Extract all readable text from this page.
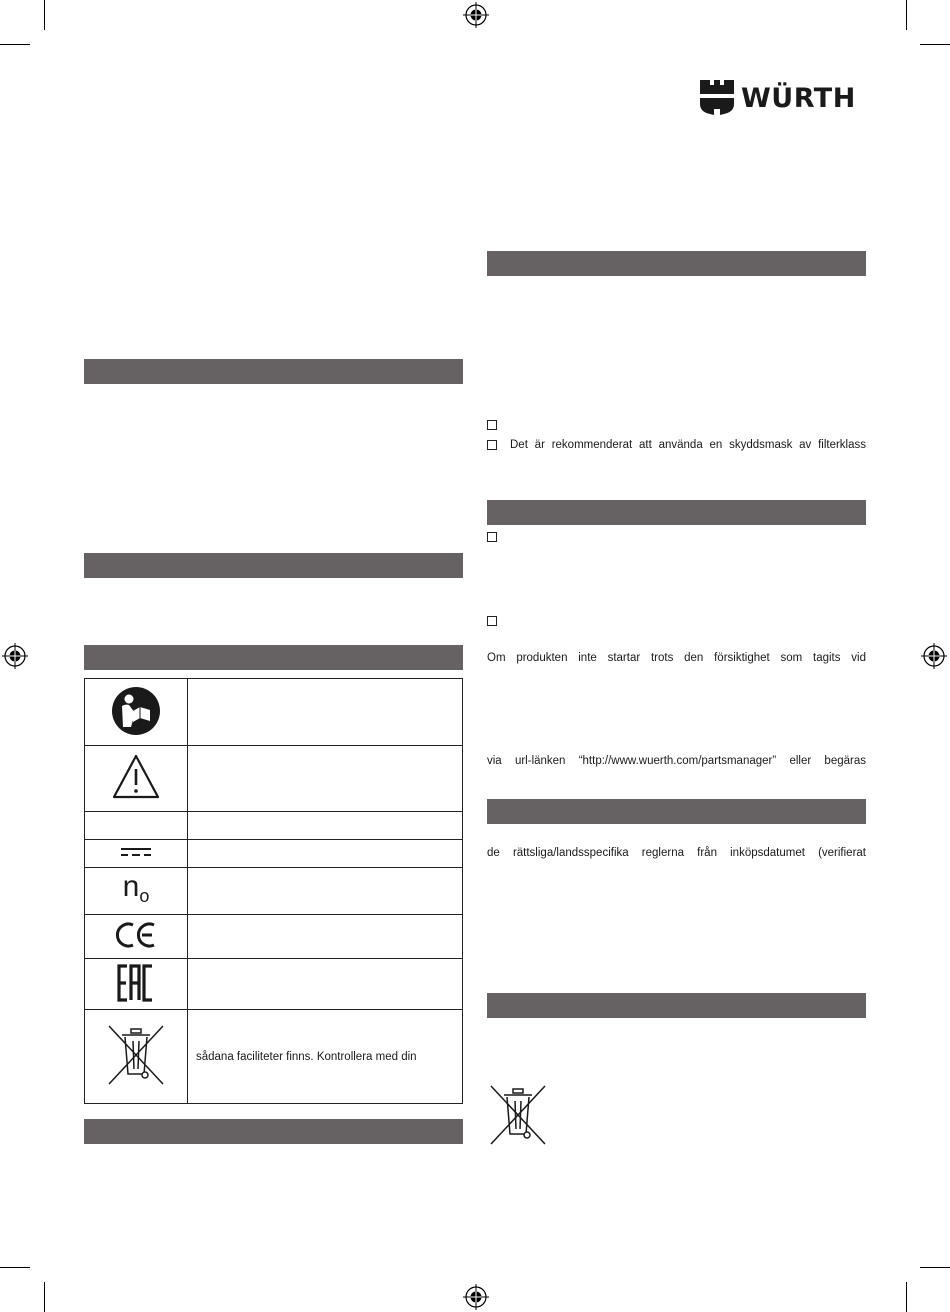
WÜRTH

$n_o$	

	sådana faciliteter finns. Kontrollera med din

Det är rekommenderat att använda en skyddsmask av filterklass

Om produkten inte startar trots den försiktighet som tagits vid

via url-länken “http://www.wuerth.com/partsmanager” eller begäras

de rättsliga/landsspecifika reglerna från inköpsdatumet (verifierat
